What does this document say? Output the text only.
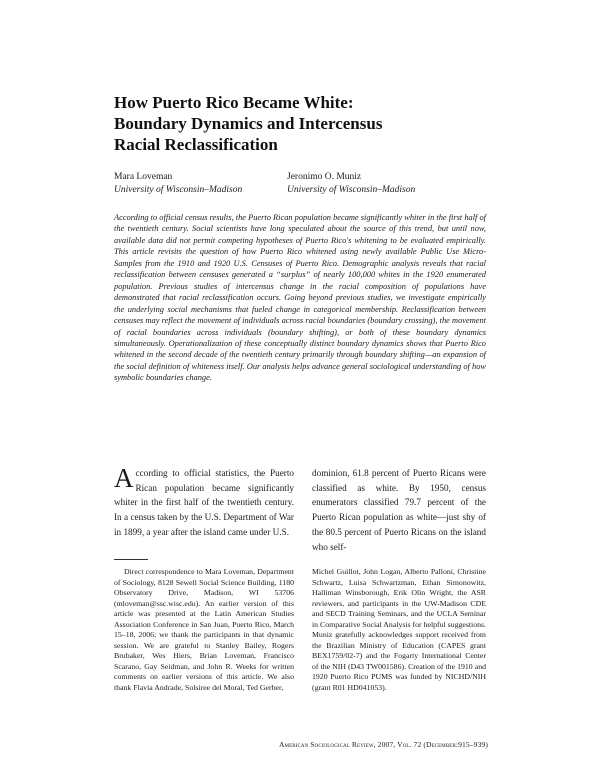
How Puerto Rico Became White:
Boundary Dynamics and Intercensus
Racial Reclassification
Mara Loveman
University of Wisconsin–Madison
Jeronimo O. Muniz
University of Wisconsin–Madison

According to official census results, the Puerto Rican population became significantly whiter in the first half of the twentieth century. Social scientists have long speculated about the source of this trend, but until now, available data did not permit competing hypotheses of Puerto Rico's whitening to be evaluated empirically. This article revisits the question of how Puerto Rico whitened using newly available Public Use Micro-Samples from the 1910 and 1920 U.S. Censuses of Puerto Rico. Demographic analysis reveals that racial reclassification between censuses generated a “surplus” of nearly 100,000 whites in the 1920 enumerated population. Previous studies of intercensus change in the racial composition of populations have demonstrated that racial reclassification occurs. Going beyond previous studies, we investigate empirically the underlying social mechanisms that fueled change in categorical membership. Reclassification between censuses may reflect the movement of individuals across racial boundaries (boundary crossing), the movement of racial boundaries across individuals (boundary shifting), or both of these boundary dynamics simultaneously. Operationalization of these conceptually distinct boundary dynamics shows that Puerto Rico whitened in the second decade of the twentieth century primarily through boundary shifting—an expansion of the social definition of whiteness itself. Our analysis helps advance general sociological understanding of how symbolic boundaries change.

According to official statistics, the Puerto Rican population became significantly whiter in the first half of the twentieth century. In a census taken by the U.S. Department of War in 1899, a year after the island came under U.S.

dominion, 61.8 percent of Puerto Ricans were classified as white. By 1950, census enumerators classified 79.7 percent of the Puerto Rican population as white—just shy of the 80.5 percent of Puerto Ricans on the island who self-

Direct correspondence to Mara Loveman, Department of Sociology, 8128 Sewell Social Science Building, 1180 Observatory Drive, Madison, WI 53706 (mloveman@ssc.wisc.edu). An earlier version of this article was presented at the Latin American Studies Association Conference in San Juan, Puerto Rico, March 15–18, 2006; we thank the participants in that dynamic session. We are grateful to Stanley Bailey, Rogers Brubaker, Wes Hiers, Brian Loveman, Francisco Scarano, Gay Seidman, and John R. Weeks for written comments on earlier versions of this article. We also thank Flavia Andrade, Solsiree del Moral, Ted Gerber,

Michel Guillot, John Logan, Alberto Palloni, Christine Schwartz, Luisa Schwartzman, Ethan Simonowitz, Halliman Winsborough, Erik Olin Wright, the ASR reviewers, and participants in the UW-Madison CDE and SECD Training Seminars, and the UCLA Seminar in Comparative Social Analysis for helpful suggestions. Muniz gratefully acknowledges support received from the Brazilian Ministry of Education (CAPES grant BEX1759/02-7) and the Fogarty International Center of the NIH (D43 TW001586). Creation of the 1910 and 1920 Puerto Rico PUMS was funded by NICHD/NIH (grant R01 HD041053).

American Sociological Review, 2007, Vol. 72 (December:915–939)
